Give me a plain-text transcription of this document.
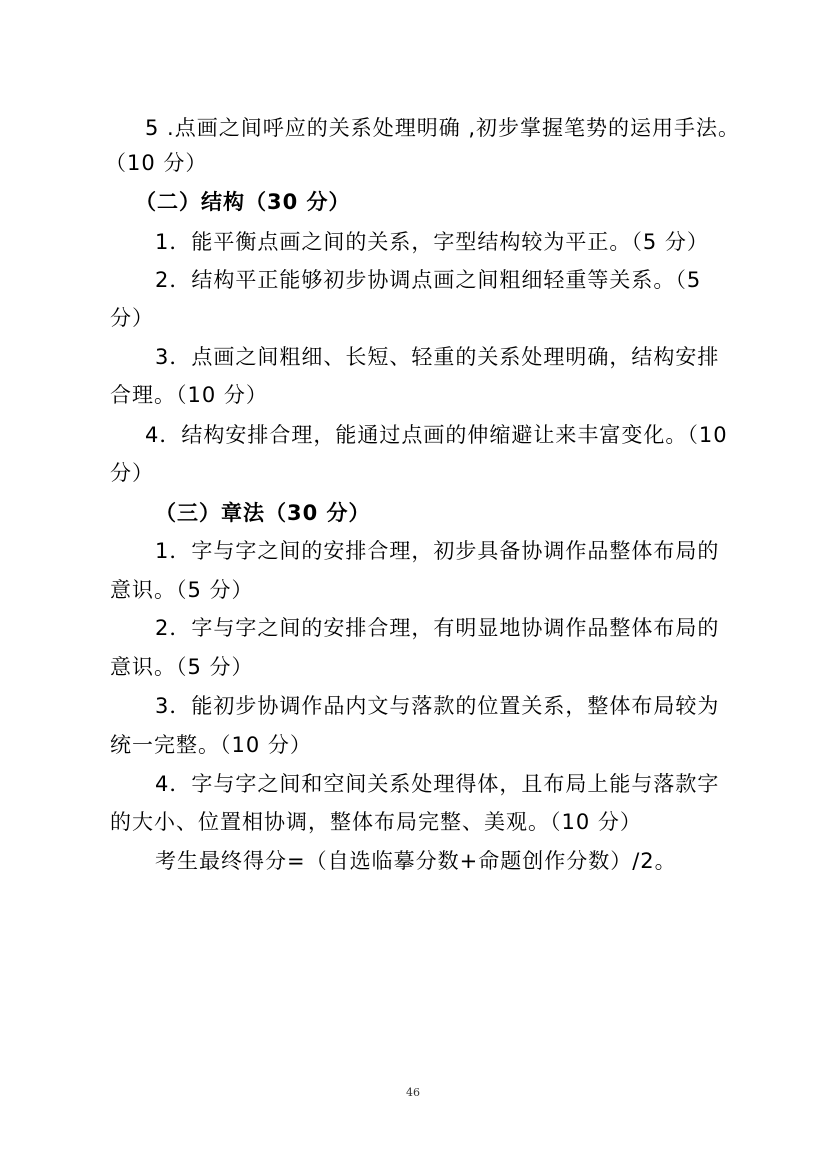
5 .点画之间呼应的关系处理明确 ,初步掌握笔势的运用手法。
（10 分）
（二）结构（30 分）
1．能平衡点画之间的关系，字型结构较为平正。（5 分）
2．结构平正能够初步协调点画之间粗细轻重等关系。（5
分）
3．点画之间粗细、长短、轻重的关系处理明确，结构安排
合理。（10 分）
4．结构安排合理，能通过点画的伸缩避让来丰富变化。（10
分）
（三）章法（30 分）
1．字与字之间的安排合理，初步具备协调作品整体布局的
意识。（5 分）
2．字与字之间的安排合理，有明显地协调作品整体布局的
意识。（5 分）
3．能初步协调作品内文与落款的位置关系，整体布局较为
统一完整。（10 分）
4．字与字之间和空间关系处理得体，且布局上能与落款字
的大小、位置相协调，整体布局完整、美观。（10 分）
考生最终得分=（自选临摹分数+命题创作分数）/2。
46
